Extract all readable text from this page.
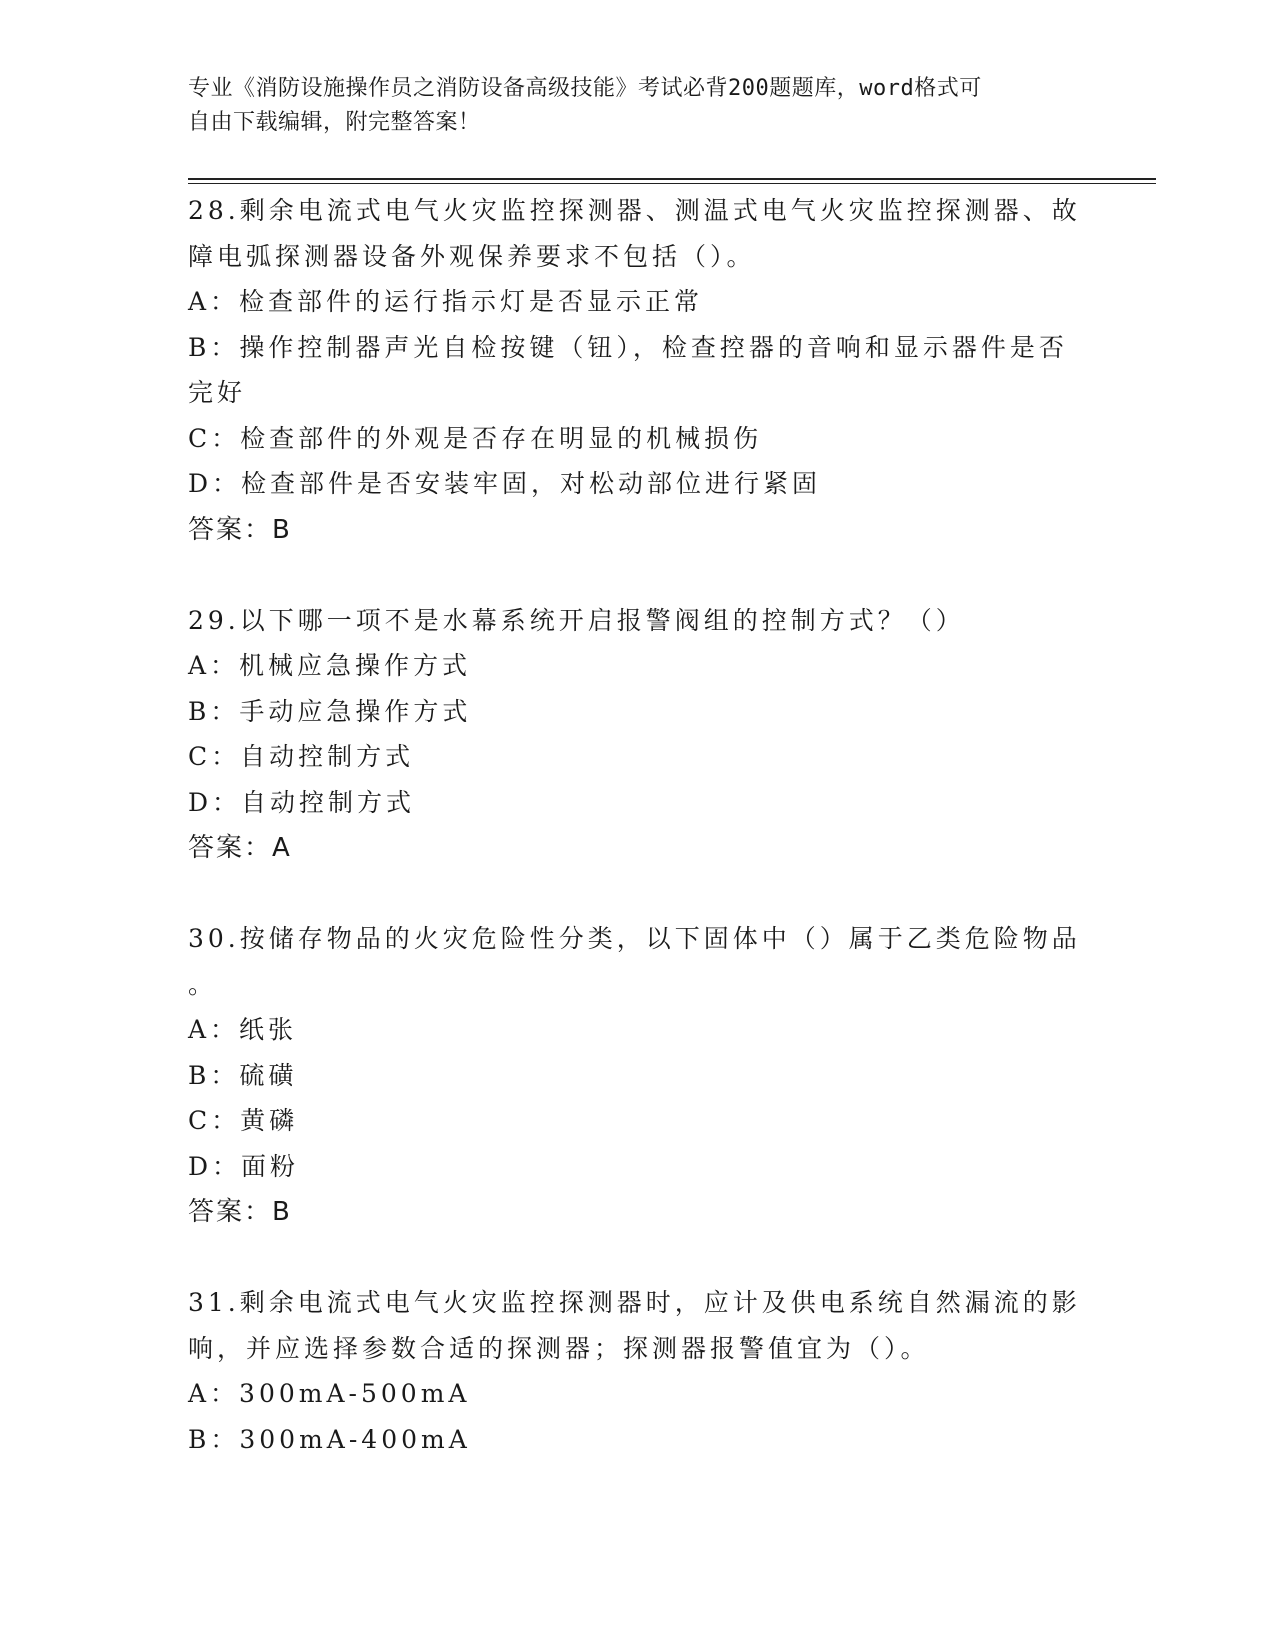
专业《消防设施操作员之消防设备高级技能》考试必背200题题库，word格式可
自由下载编辑，附完整答案！
28.剩余电流式电气火灾监控探测器、测温式电气火灾监控探测器、故
障电弧探测器设备外观保养要求不包括（）。
A：检查部件的运行指示灯是否显示正常
B：操作控制器声光自检按键（钮），检查控器的音响和显示器件是否
完好
C：检查部件的外观是否存在明显的机械损伤
D：检查部件是否安装牢固，对松动部位进行紧固
答案：B
29.以下哪一项不是水幕系统开启报警阀组的控制方式？（）
A：机械应急操作方式
B：手动应急操作方式
C：自动控制方式
D：自动控制方式
答案：A
30.按储存物品的火灾危险性分类，以下固体中（）属于乙类危险物品
。
A：纸张
B：硫磺
C：黄磷
D：面粉
答案：B
31.剩余电流式电气火灾监控探测器时，应计及供电系统自然漏流的影
响，并应选择参数合适的探测器；探测器报警值宜为（）。
A：300mA-500mA
B：300mA-400mA
